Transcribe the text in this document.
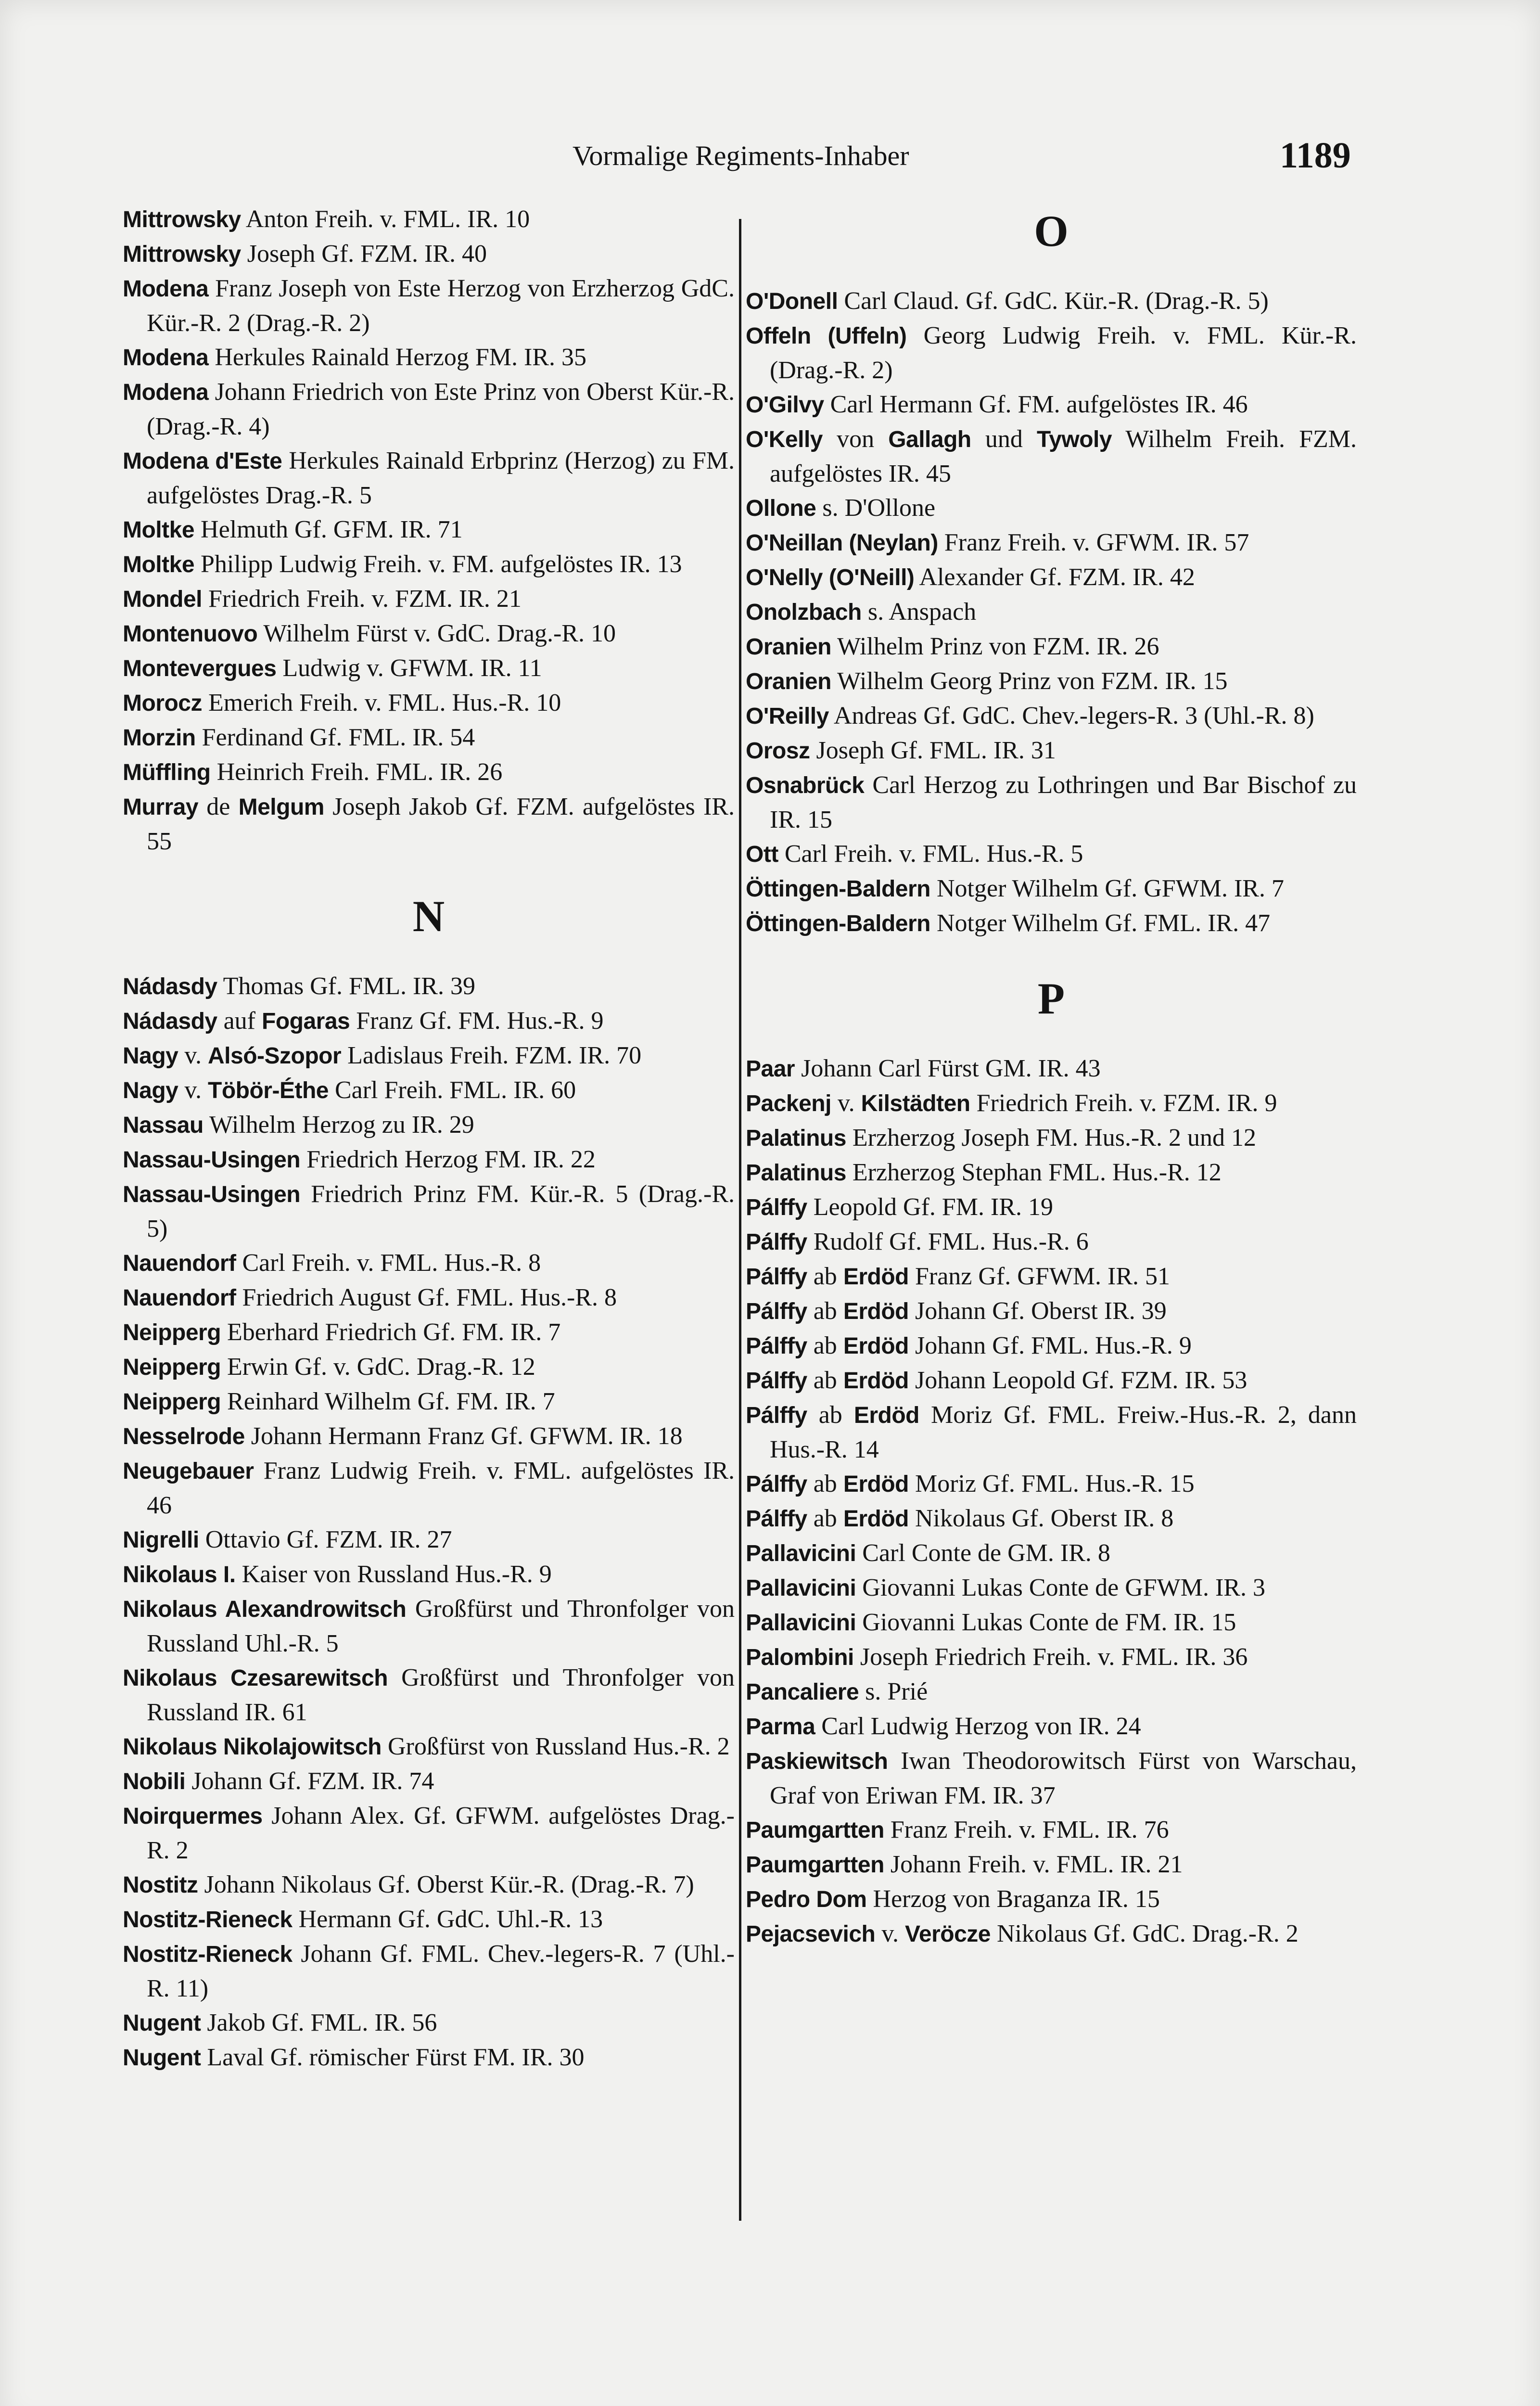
Vormalige Regiments-Inhaber	1189

Mittrowsky Anton Freih. v. FML. IR. 10

Mittrowsky Joseph Gf. FZM. IR. 40

Modena Franz Joseph von Este Herzog von Erzherzog GdC. Kür.-R. 2 (Drag.-R. 2)

Modena Herkules Rainald Herzog FM. IR. 35

Modena Johann Friedrich von Este Prinz von Oberst Kür.-R. (Drag.-R. 4)

Modena d'Este Herkules Rainald Erbprinz (Herzog) zu FM. aufgelöstes Drag.-R. 5

Moltke Helmuth Gf. GFM. IR. 71

Moltke Philipp Ludwig Freih. v. FM. aufgelöstes IR. 13

Mondel Friedrich Freih. v. FZM. IR. 21

Montenuovo Wilhelm Fürst v. GdC. Drag.-R. 10

Montevergues Ludwig v. GFWM. IR. 11

Morocz Emerich Freih. v. FML. Hus.-R. 10

Morzin Ferdinand Gf. FML. IR. 54

Müffling Heinrich Freih. FML. IR. 26

Murray de Melgum Joseph Jakob Gf. FZM. aufgelöstes IR. 55

N

Nádasdy Thomas Gf. FML. IR. 39

Nádasdy auf Fogaras Franz Gf. FM. Hus.-R. 9

Nagy v. Alsó-Szopor Ladislaus Freih. FZM. IR. 70

Nagy v. Töbör-Éthe Carl Freih. FML. IR. 60

Nassau Wilhelm Herzog zu IR. 29

Nassau-Usingen Friedrich Herzog FM. IR. 22

Nassau-Usingen Friedrich Prinz FM. Kür.-R. 5 (Drag.-R. 5)

Nauendorf Carl Freih. v. FML. Hus.-R. 8

Nauendorf Friedrich August Gf. FML. Hus.-R. 8

Neipperg Eberhard Friedrich Gf. FM. IR. 7

Neipperg Erwin Gf. v. GdC. Drag.-R. 12

Neipperg Reinhard Wilhelm Gf. FM. IR. 7

Nesselrode Johann Hermann Franz Gf. GFWM. IR. 18

Neugebauer Franz Ludwig Freih. v. FML. aufgelöstes IR. 46

Nigrelli Ottavio Gf. FZM. IR. 27

Nikolaus I. Kaiser von Russland Hus.-R. 9

Nikolaus Alexandrowitsch Großfürst und Thronfolger von Russland Uhl.-R. 5

Nikolaus Czesarewitsch Großfürst und Thronfolger von Russland IR. 61

Nikolaus Nikolajowitsch Großfürst von Russland Hus.-R. 2

Nobili Johann Gf. FZM. IR. 74

Noirquermes Johann Alex. Gf. GFWM. aufgelöstes Drag.-R. 2

Nostitz Johann Nikolaus Gf. Oberst Kür.-R. (Drag.-R. 7)

Nostitz-Rieneck Hermann Gf. GdC. Uhl.-R. 13

Nostitz-Rieneck Johann Gf. FML. Chev.-legers-R. 7 (Uhl.-R. 11)

Nugent Jakob Gf. FML. IR. 56

Nugent Laval Gf. römischer Fürst FM. IR. 30

O

O'Donell Carl Claud. Gf. GdC. Kür.-R. (Drag.-R. 5)

Offeln (Uffeln) Georg Ludwig Freih. v. FML. Kür.-R. (Drag.-R. 2)

O'Gilvy Carl Hermann Gf. FM. aufgelöstes IR. 46

O'Kelly von Gallagh und Tywoly Wilhelm Freih. FZM. aufgelöstes IR. 45

Ollone s. D'Ollone

O'Neillan (Neylan) Franz Freih. v. GFWM. IR. 57

O'Nelly (O'Neill) Alexander Gf. FZM. IR. 42

Onolzbach s. Anspach

Oranien Wilhelm Prinz von FZM. IR. 26

Oranien Wilhelm Georg Prinz von FZM. IR. 15

O'Reilly Andreas Gf. GdC. Chev.-legers-R. 3 (Uhl.-R. 8)

Orosz Joseph Gf. FML. IR. 31

Osnabrück Carl Herzog zu Lothringen und Bar Bischof zu IR. 15

Ott Carl Freih. v. FML. Hus.-R. 5

Öttingen-Baldern Notger Wilhelm Gf. GFWM. IR. 7

Öttingen-Baldern Notger Wilhelm Gf. FML. IR. 47

P

Paar Johann Carl Fürst GM. IR. 43

Packenj v. Kilstädten Friedrich Freih. v. FZM. IR. 9

Palatinus Erzherzog Joseph FM. Hus.-R. 2 und 12

Palatinus Erzherzog Stephan FML. Hus.-R. 12

Pálffy Leopold Gf. FM. IR. 19

Pálffy Rudolf Gf. FML. Hus.-R. 6

Pálffy ab Erdöd Franz Gf. GFWM. IR. 51

Pálffy ab Erdöd Johann Gf. Oberst IR. 39

Pálffy ab Erdöd Johann Gf. FML. Hus.-R. 9

Pálffy ab Erdöd Johann Leopold Gf. FZM. IR. 53

Pálffy ab Erdöd Moriz Gf. FML. Freiw.-Hus.-R. 2, dann Hus.-R. 14

Pálffy ab Erdöd Moriz Gf. FML. Hus.-R. 15

Pálffy ab Erdöd Nikolaus Gf. Oberst IR. 8

Pallavicini Carl Conte de GM. IR. 8

Pallavicini Giovanni Lukas Conte de GFWM. IR. 3

Pallavicini Giovanni Lukas Conte de FM. IR. 15

Palombini Joseph Friedrich Freih. v. FML. IR. 36

Pancaliere s. Prié

Parma Carl Ludwig Herzog von IR. 24

Paskiewitsch Iwan Theodorowitsch Fürst von Warschau, Graf von Eriwan FM. IR. 37

Paumgartten Franz Freih. v. FML. IR. 76

Paumgartten Johann Freih. v. FML. IR. 21

Pedro Dom Herzog von Braganza IR. 15

Pejacsevich v. Veröcze Nikolaus Gf. GdC. Drag.-R. 2
